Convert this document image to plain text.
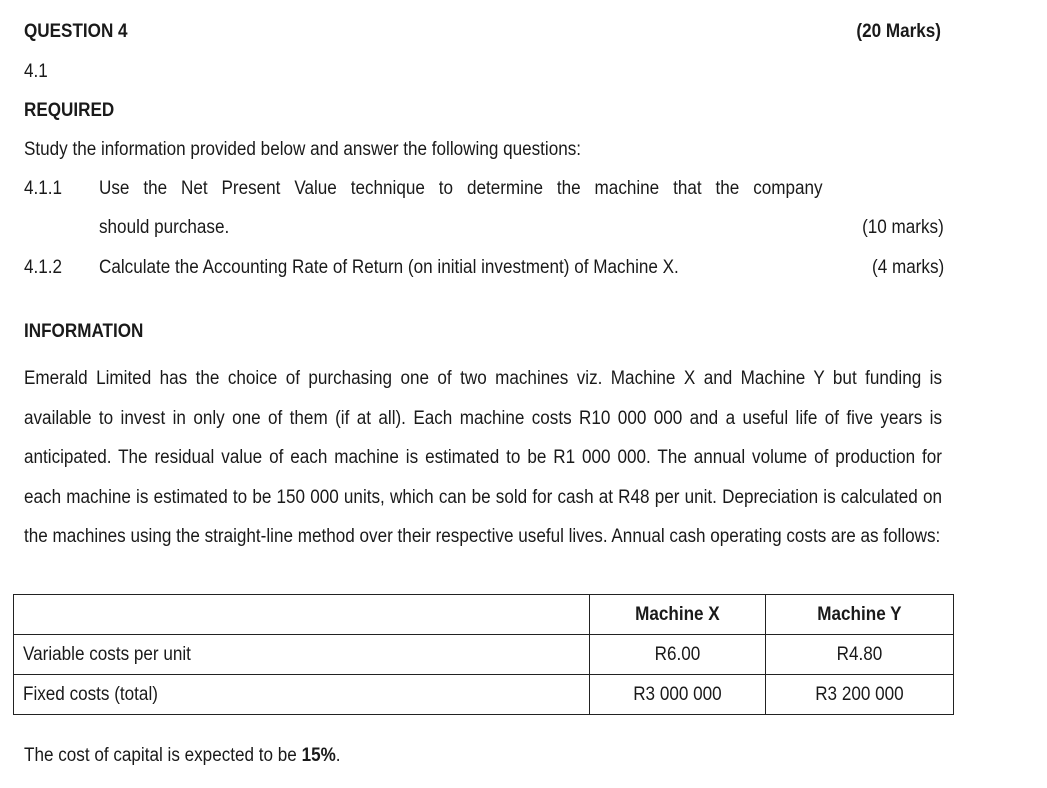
QUESTION 4	(20 Marks)
4.1
REQUIRED
Study the information provided below and answer the following questions:
4.1.1 Use the Net Present Value technique to determine the machine that the company
should purchase.	(10 marks)
4.1.2 Calculate the Accounting Rate of Return (on initial investment) of Machine X.	(4 marks)
INFORMATION
Emerald Limited has the choice of purchasing one of two machines viz. Machine X and Machine Y but funding is available to invest in only one of them (if at all). Each machine costs R10 000 000 and a useful life of five years is anticipated. The residual value of each machine is estimated to be R1 000 000. The annual volume of production for each machine is estimated to be 150 000 units, which can be sold for cash at R48 per unit. Depreciation is calculated on the machines using the straight-line method over their respective useful lives. Annual cash operating costs are as follows:

	Machine X	Machine Y

Variable costs per unit	R6.00	R4.80

Fixed costs (total)	R3 000 000	R3 200 000
The cost of capital is expected to be 15%.
